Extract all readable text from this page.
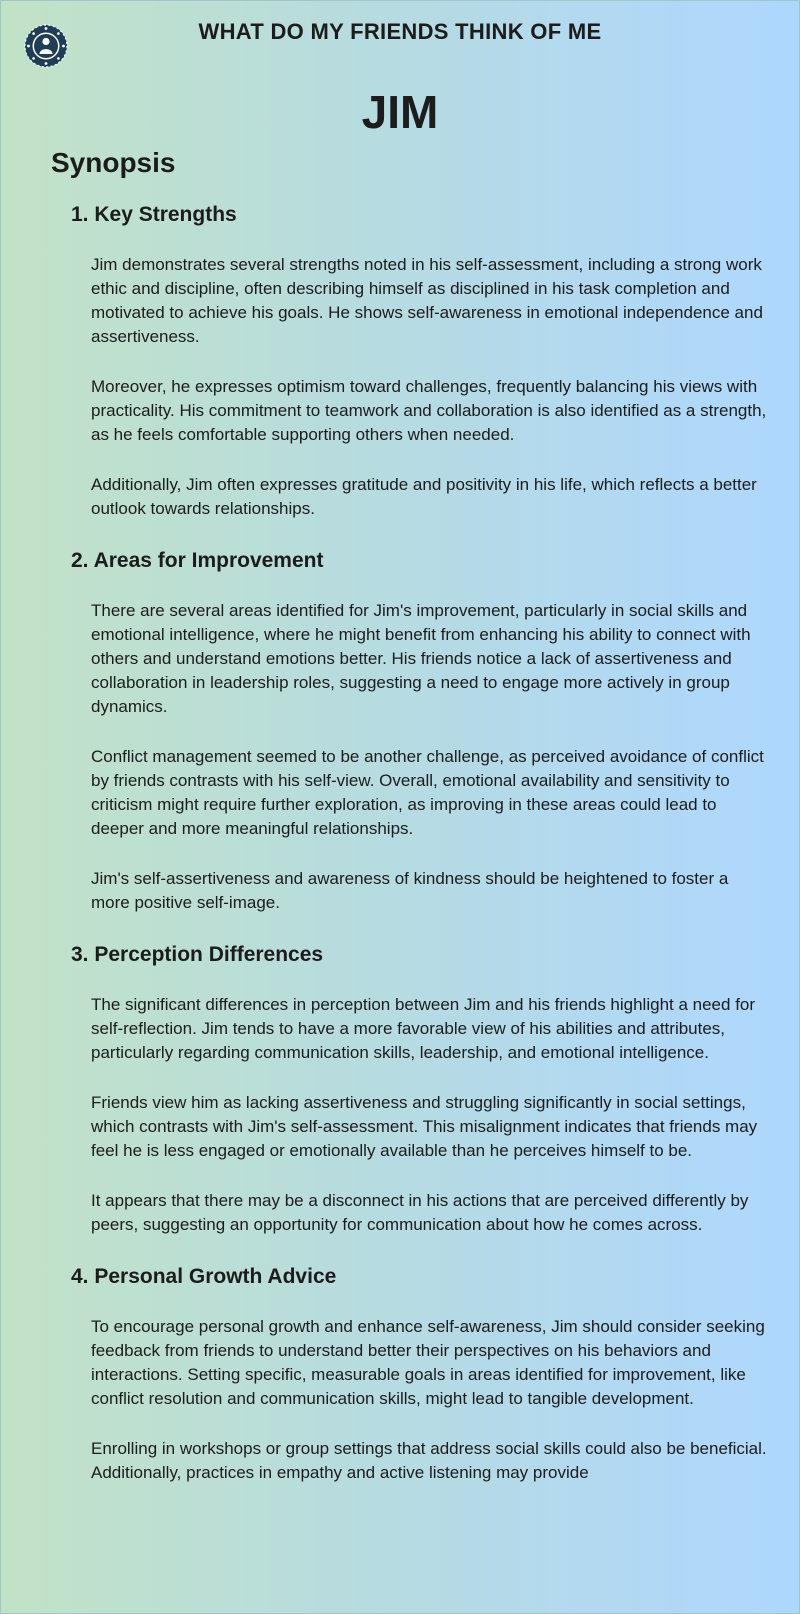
WHAT DO MY FRIENDS THINK OF ME
JIM
Synopsis
1. Key Strengths

Jim demonstrates several strengths noted in his self-assessment, including a strong work ethic and discipline, often describing himself as disciplined in his task completion and motivated to achieve his goals. He shows self-awareness in emotional independence and assertiveness.

Moreover, he expresses optimism toward challenges, frequently balancing his views with practicality. His commitment to teamwork and collaboration is also identified as a strength, as he feels comfortable supporting others when needed.

Additionally, Jim often expresses gratitude and positivity in his life, which reflects a better outlook towards relationships.

2. Areas for Improvement

There are several areas identified for Jim's improvement, particularly in social skills and emotional intelligence, where he might benefit from enhancing his ability to connect with others and understand emotions better. His friends notice a lack of assertiveness and collaboration in leadership roles, suggesting a need to engage more actively in group dynamics.

Conflict management seemed to be another challenge, as perceived avoidance of conflict by friends contrasts with his self-view. Overall, emotional availability and sensitivity to criticism might require further exploration, as improving in these areas could lead to deeper and more meaningful relationships.

Jim's self-assertiveness and awareness of kindness should be heightened to foster a more positive self-image.

3. Perception Differences

The significant differences in perception between Jim and his friends highlight a need for self-reflection. Jim tends to have a more favorable view of his abilities and attributes, particularly regarding communication skills, leadership, and emotional intelligence.

Friends view him as lacking assertiveness and struggling significantly in social settings, which contrasts with Jim's self-assessment. This misalignment indicates that friends may feel he is less engaged or emotionally available than he perceives himself to be.

It appears that there may be a disconnect in his actions that are perceived differently by peers, suggesting an opportunity for communication about how he comes across.

4. Personal Growth Advice

To encourage personal growth and enhance self-awareness, Jim should consider seeking feedback from friends to understand better their perspectives on his behaviors and interactions. Setting specific, measurable goals in areas identified for improvement, like conflict resolution and communication skills, might lead to tangible development.

Enrolling in workshops or group settings that address social skills could also be beneficial. Additionally, practices in empathy and active listening may provide
